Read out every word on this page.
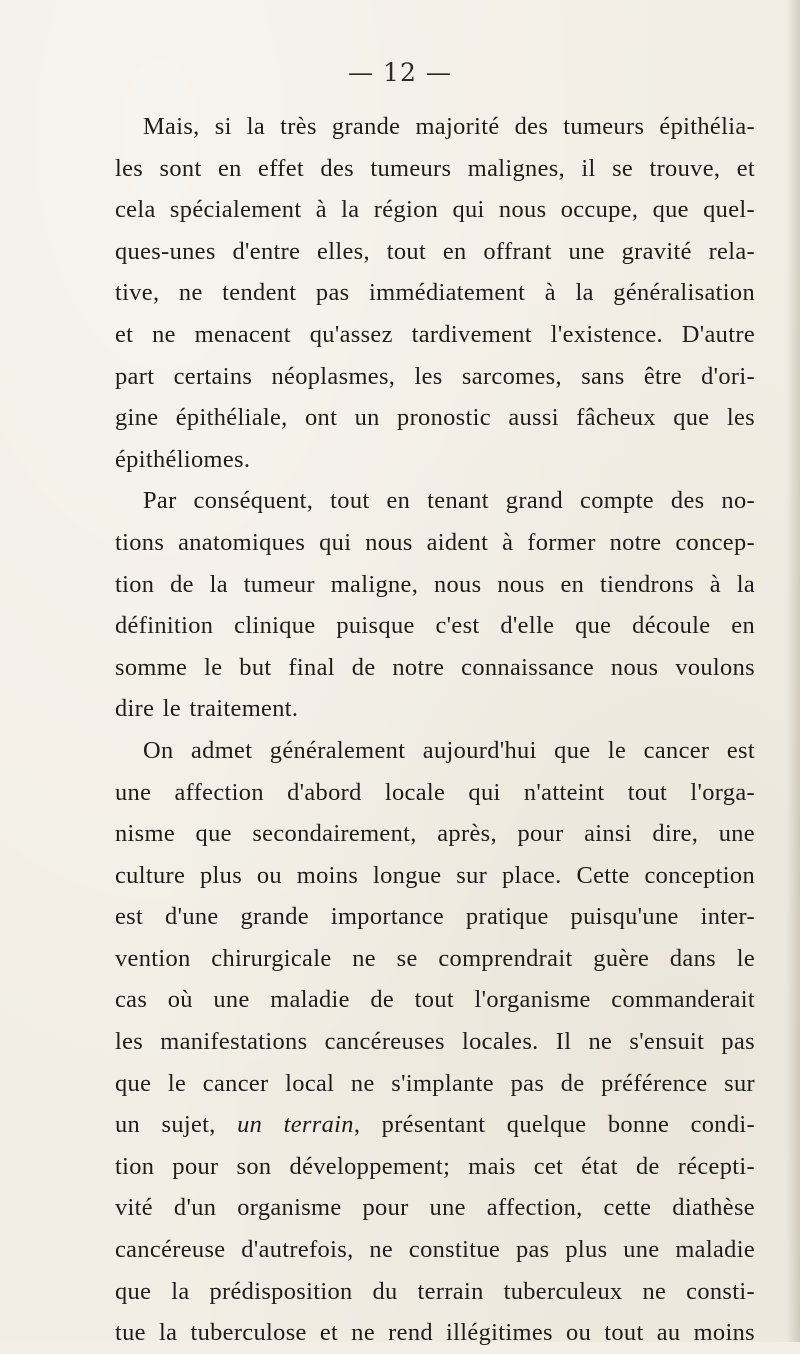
— 12 —
Mais, si la très grande majorité des tumeurs épithélia-
les sont en effet des tumeurs malignes, il se trouve, et
cela spécialement à la région qui nous occupe, que quel-
ques-unes d'entre elles, tout en offrant une gravité rela-
tive, ne tendent pas immédiatement à la généralisation
et ne menacent qu'assez tardivement l'existence. D'autre
part certains néoplasmes, les sarcomes, sans être d'ori-
gine épithéliale, ont un pronostic aussi fâcheux que les
épithéliomes.
Par conséquent, tout en tenant grand compte des no-
tions anatomiques qui nous aident à former notre concep-
tion de la tumeur maligne, nous nous en tiendrons à la
définition clinique puisque c'est d'elle que découle en
somme le but final de notre connaissance nous voulons
dire le traitement.
On admet généralement aujourd'hui que le cancer est
une affection d'abord locale qui n'atteint tout l'orga-
nisme que secondairement, après, pour ainsi dire, une
culture plus ou moins longue sur place. Cette conception
est d'une grande importance pratique puisqu'une inter-
vention chirurgicale ne se comprendrait guère dans le
cas où une maladie de tout l'organisme commanderait
les manifestations cancéreuses locales. Il ne s'ensuit pas
que le cancer local ne s'implante pas de préférence sur
un sujet, un terrain, présentant quelque bonne condi-
tion pour son développement; mais cet état de récepti-
vité d'un organisme pour une affection, cette diathèse
cancéreuse d'autrefois, ne constitue pas plus une maladie
que la prédisposition du terrain tuberculeux ne consti-
tue la tuberculose et ne rend illégitimes ou tout au moins
